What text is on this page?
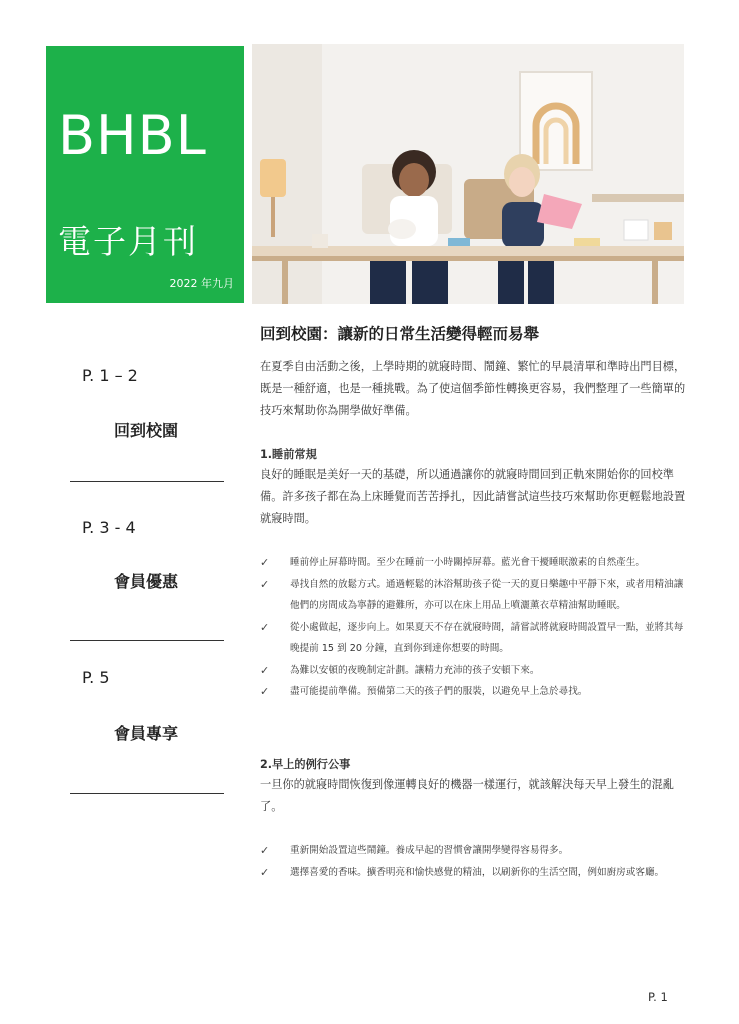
BHBL
電子月刊
2022 年九月
P. 1 – 2
回到校園
P. 3 - 4
會員優惠
P. 5
會員專享
回到校園：讓新的日常生活變得輕而易舉

在夏季自由活動之後，上學時期的就寢時間、鬧鐘、繁忙的早晨清單和準時出門目標，既是一種舒適，也是一種挑戰。為了使這個季節性轉換更容易，我們整理了一些簡單的技巧來幫助你為開學做好準備。

1.睡前常規

良好的睡眠是美好一天的基礎，所以通過讓你的就寢時間回到正軌來開始你的回校準備。許多孩子都在為上床睡覺而苦苦掙扎，因此請嘗試這些技巧來幫助你更輕鬆地設置就寢時間。

✓ 睡前停止屏幕時間。至少在睡前一小時關掉屏幕。藍光會干擾睡眠激素的自然產生。
✓ 尋找自然的放鬆方式。通過輕鬆的沐浴幫助孩子從一天的夏日樂趣中平靜下來，或者用精油讓他們的房間成為寧靜的避難所，亦可以在床上用品上噴灑薰衣草精油幫助睡眠。
✓ 從小處做起，逐步向上。如果夏天不存在就寢時間，請嘗試將就寢時間設置早一點，並將其每晚提前 15 到 20 分鐘，直到你到達你想要的時間。
✓ 為難以安頓的夜晚制定計劃。讓精力充沛的孩子安頓下來。
✓ 盡可能提前準備。預備第二天的孩子們的服裝，以避免早上急於尋找。
2.早上的例行公事

一旦你的就寢時間恢復到像運轉良好的機器一樣運行，就該解決每天早上發生的混亂了。

✓ 重新開始設置這些鬧鐘。養成早起的習慣會讓開學變得容易得多。
✓ 選擇喜愛的香味。擴香明亮和愉快感覺的精油，以刷新你的生活空間，例如廚房或客廳。
P. 1
